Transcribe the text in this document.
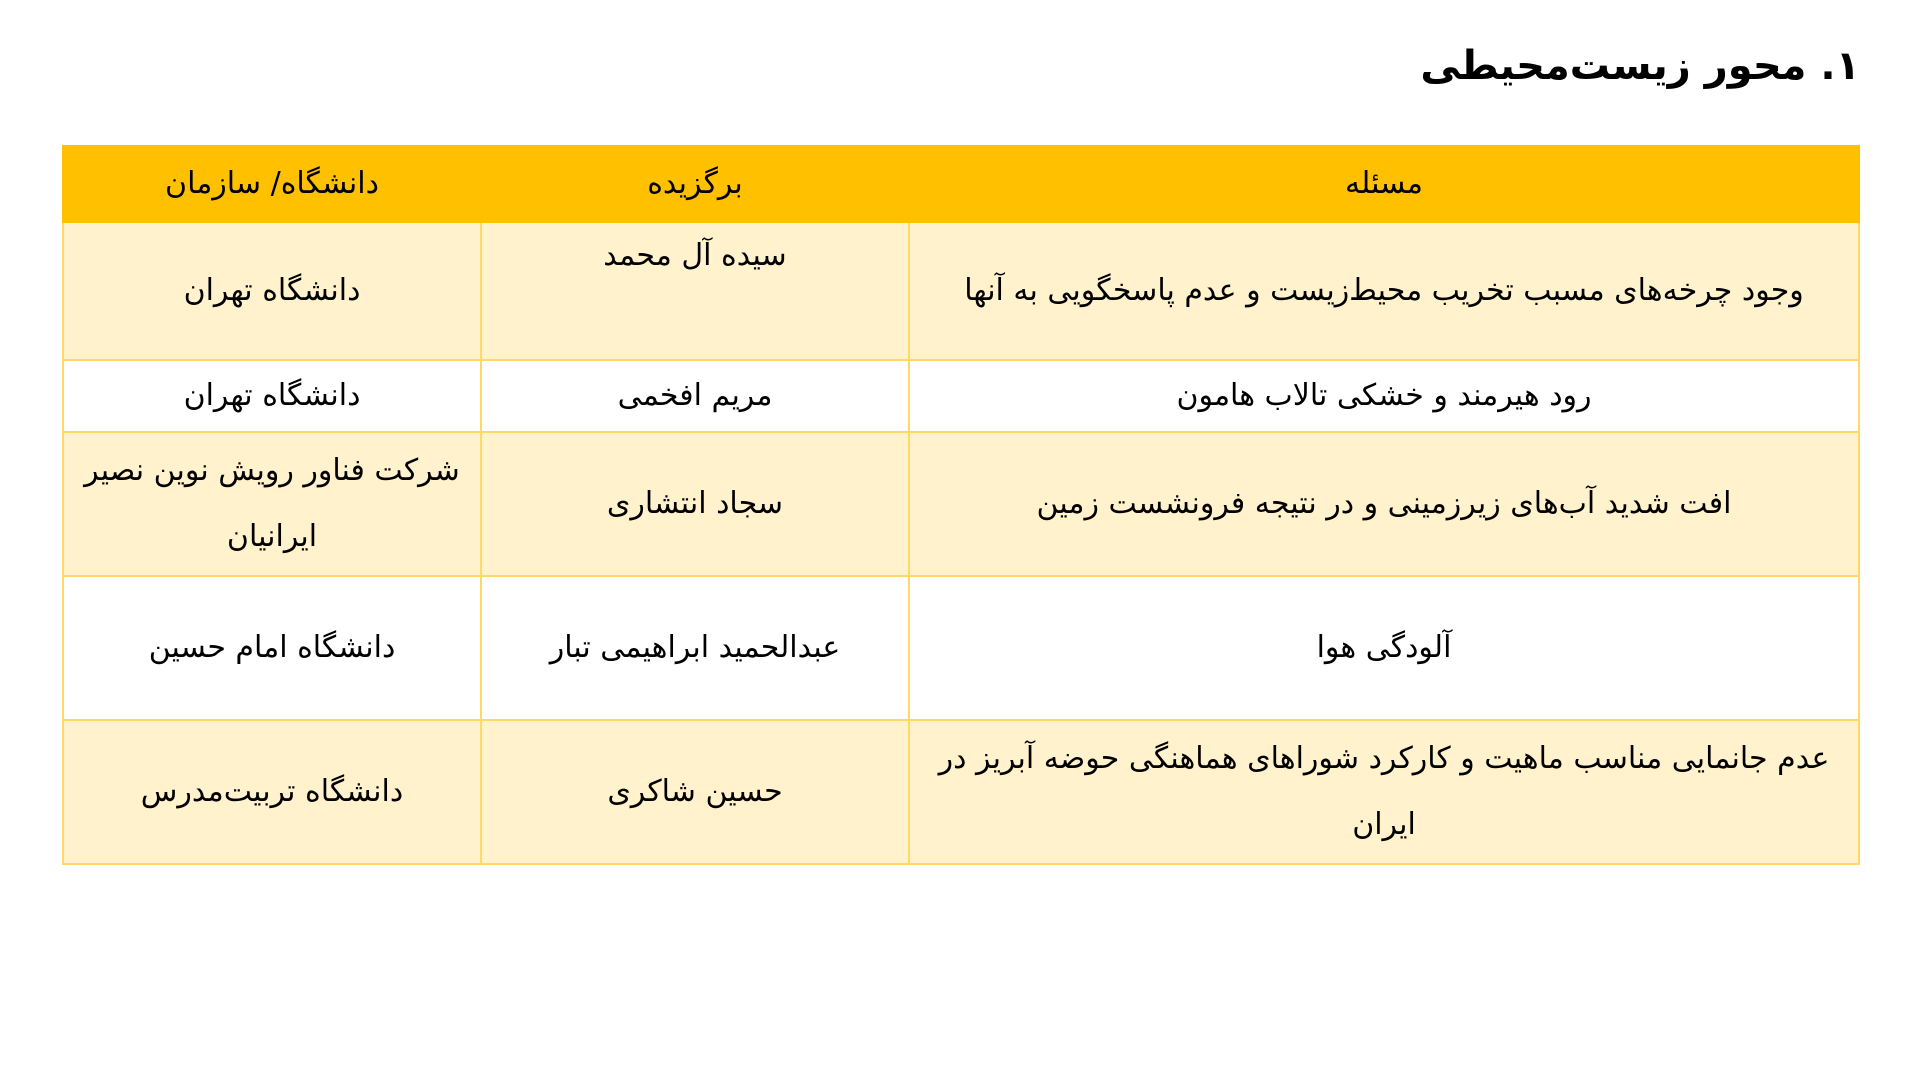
۱. محور زیست‌محیطی
مسئله	برگزیده	دانشگاه/ سازمان
وجود چرخه‌های مسبب تخریب محیط‌زیست و عدم پاسخگویی به آنها	سیده آل محمد	دانشگاه تهران
رود هیرمند و خشکی تالاب هامون	مریم افخمی	دانشگاه تهران
افت شدید آب‌های زیرزمینی و در نتیجه فرونشست زمین	سجاد انتشاری	شرکت فناور رویش نوین نصیر ایرانیان
آلودگی هوا	عبدالحمید ابراهیمی تبار	دانشگاه امام حسین
عدم جانمایی مناسب ماهیت و کارکرد شوراهای هماهنگی حوضه آبریز در ایران	حسین شاکری	دانشگاه تربیت‌مدرس
